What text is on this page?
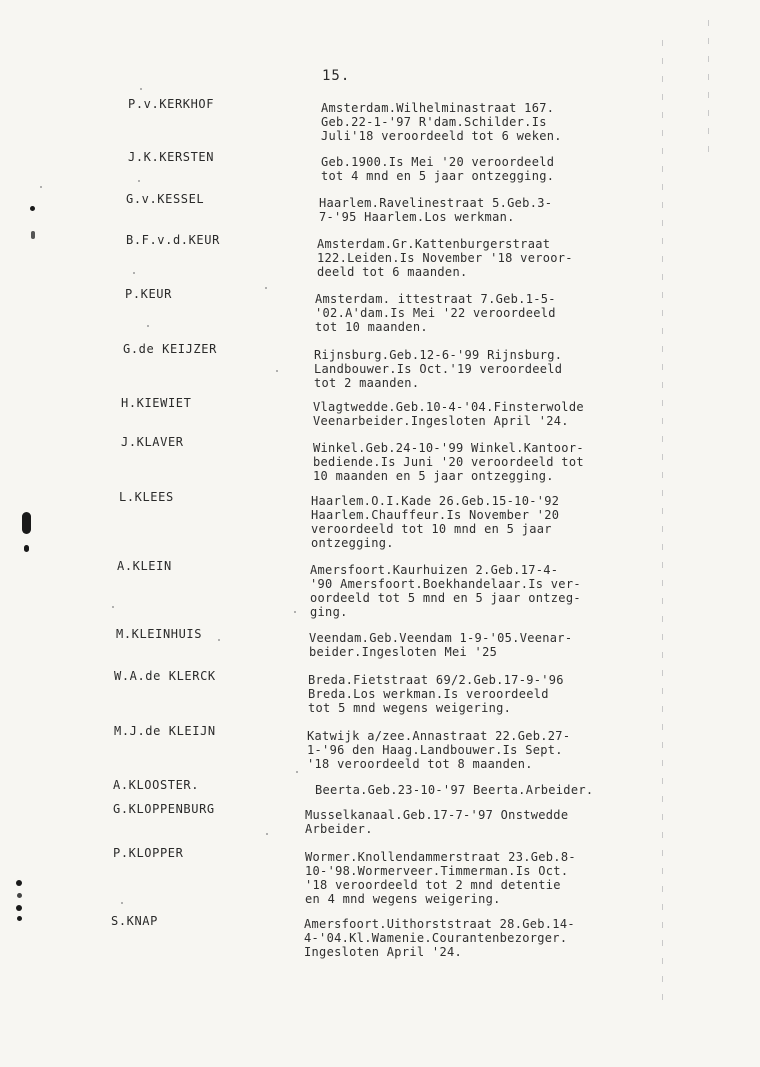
15.
P.v.KERKHOF	Amsterdam.Wilhelminastraat 167.
Geb.22-1-'97 R'dam.Schilder.Is
Juli'18 veroordeeld tot 6 weken.
J.K.KERSTEN	Geb.1900.Is Mei '20 veroordeeld
tot 4 mnd en 5 jaar ontzegging.
G.v.KESSEL	Haarlem.Ravelinestraat 5.Geb.3-
7-'95 Haarlem.Los werkman.
B.F.v.d.KEUR	Amsterdam.Gr.Kattenburgerstraat
122.Leiden.Is November '18 veroor-
deeld tot 6 maanden.
P.KEUR	Amsterdam. ittestraat 7.Geb.1-5-
'02.A'dam.Is Mei '22 veroordeeld
tot 10 maanden.
G.de KEIJZER	Rijnsburg.Geb.12-6-'99 Rijnsburg.
Landbouwer.Is Oct.'19 veroordeeld
tot 2 maanden.
H.KIEWIET	Vlagtwedde.Geb.10-4-'04.Finsterwolde
Veenarbeider.Ingesloten April '24.
J.KLAVER	Winkel.Geb.24-10-'99 Winkel.Kantoor-
bediende.Is Juni '20 veroordeeld tot
10 maanden en 5 jaar ontzegging.
L.KLEES	Haarlem.O.I.Kade 26.Geb.15-10-'92
Haarlem.Chauffeur.Is November '20
veroordeeld tot 10 mnd en 5 jaar
ontzegging.
A.KLEIN	Amersfoort.Kaurhuizen 2.Geb.17-4-
'90 Amersfoort.Boekhandelaar.Is ver-
oordeeld tot 5 mnd en 5 jaar ontzeg-
ging.
M.KLEINHUIS	Veendam.Geb.Veendam 1-9-'05.Veenar-
beider.Ingesloten Mei '25
W.A.de KLERCK	Breda.Fietstraat 69/2.Geb.17-9-'96
Breda.Los werkman.Is veroordeeld
tot 5 mnd wegens weigering.
M.J.de KLEIJN	Katwijk a/zee.Annastraat 22.Geb.27-
1-'96 den Haag.Landbouwer.Is Sept.
'18 veroordeeld tot 8 maanden.
A.KLOOSTER.	Beerta.Geb.23-10-'97 Beerta.Arbeider.
G.KLOPPENBURG	Musselkanaal.Geb.17-7-'97 Onstwedde
Arbeider.
P.KLOPPER	Wormer.Knollendammerstraat 23.Geb.8-
10-'98.Wormerveer.Timmerman.Is Oct.
'18 veroordeeld tot 2 mnd detentie
en 4 mnd wegens weigering.
S.KNAP	Amersfoort.Uithorststraat 28.Geb.14-
4-'04.Kl.Wamenie.Courantenbezorger.
Ingesloten April '24.
